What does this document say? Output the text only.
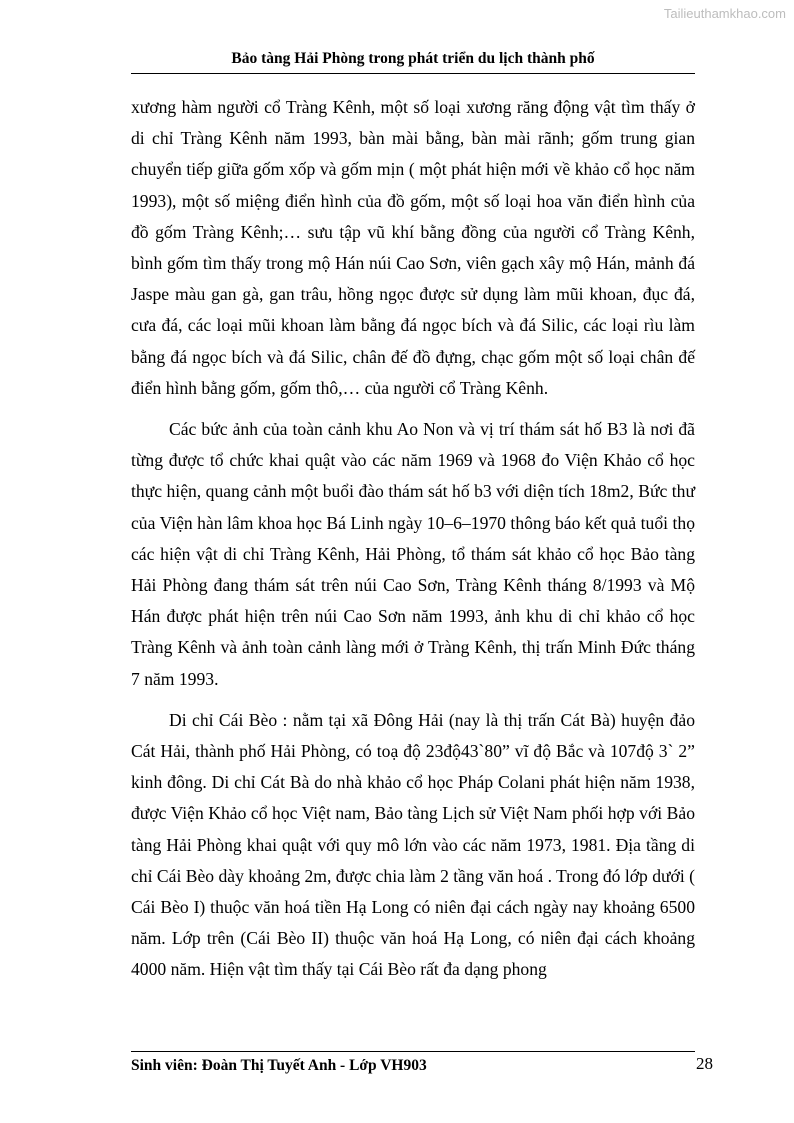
Tailieuthamkhao.com
Bảo tàng Hải Phòng trong phát triển du lịch thành phố

xương hàm người cổ Tràng Kênh, một số loại xương răng động vật tìm thấy ở di chỉ Tràng Kênh năm 1993, bàn mài bằng, bàn mài rãnh; gốm trung gian chuyển tiếp giữa gốm xốp và gốm mịn ( một phát hiện mới về khảo cổ học năm 1993), một số miệng điển hình của đồ gốm, một số loại hoa văn điển hình của đồ gốm Tràng Kênh;… sưu tập vũ khí bằng đồng của người cổ Tràng Kênh, bình gốm tìm thấy trong mộ Hán núi Cao Sơn, viên gạch xây mộ Hán, mảnh đá Jaspe màu gan gà, gan trâu, hồng ngọc được sử dụng làm mũi khoan, đục đá, cưa đá, các loại mũi khoan làm bằng đá ngọc bích và đá Silic, các loại rìu làm bằng đá ngọc bích và đá Silic, chân đế đồ đựng, chạc gốm một số loại chân đế điển hình bằng gốm, gốm thô,… của người cổ Tràng Kênh.

Các bức ảnh của toàn cảnh khu Ao Non và vị trí thám sát hố B3 là nơi đã từng được tổ chức khai quật vào các năm 1969 và 1968 đo Viện Khảo cổ học thực hiện, quang cảnh một buổi đào thám sát hố b3 với diện tích 18m2, Bức thư của Viện hàn lâm khoa học Bá Linh ngày 10–6–1970 thông báo kết quả tuổi thọ các hiện vật di chỉ Tràng Kênh, Hải Phòng, tổ thám sát khảo cổ học Bảo tàng Hải Phòng đang thám sát trên núi Cao Sơn, Tràng Kênh tháng 8/1993 và Mộ Hán được phát hiện trên núi Cao Sơn năm 1993, ảnh khu di chỉ khảo cổ học Tràng Kênh và ảnh toàn cảnh làng mới ở Tràng Kênh, thị trấn Minh Đức tháng 7 năm 1993.

Di chỉ Cái Bèo : nằm tại xã Đông Hải (nay là thị trấn Cát Bà) huyện đảo Cát Hải, thành phố Hải Phòng, có toạ độ 23độ43`80” vĩ độ Bắc và 107độ 3` 2” kinh đông. Di chỉ Cát Bà do nhà khảo cổ học Pháp Colani phát hiện năm 1938, được Viện Khảo cổ học Việt nam, Bảo tàng Lịch sử Việt Nam phối hợp với Bảo tàng Hải Phòng khai quật với quy mô lớn vào các năm 1973, 1981. Địa tầng di chỉ Cái Bèo dày khoảng 2m, được chia làm 2 tầng văn hoá . Trong đó lớp dưới ( Cái Bèo I) thuộc văn hoá tiền Hạ Long có niên đại cách ngày nay khoảng 6500 năm. Lớp trên (Cái Bèo II) thuộc văn hoá Hạ Long, có niên đại cách khoảng 4000 năm. Hiện vật tìm thấy tại Cái Bèo rất đa dạng phong

Sinh viên: Đoàn Thị Tuyết Anh - Lớp VH903	28
